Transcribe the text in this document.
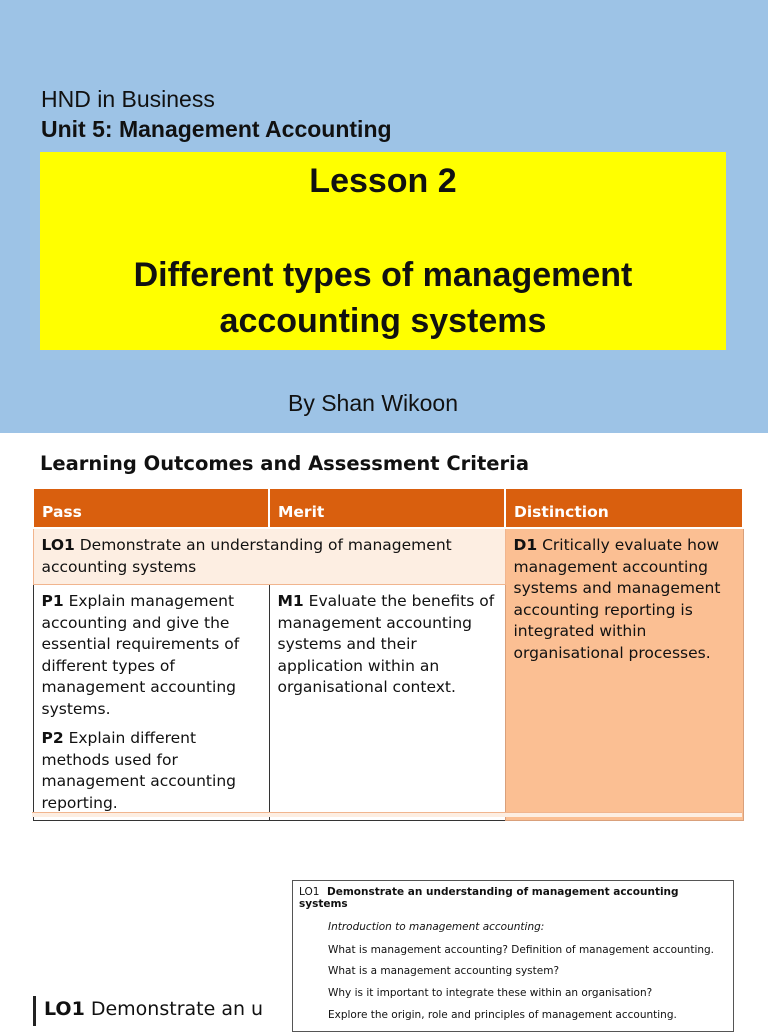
HND in Business
Unit 5: Management Accounting
Lesson 2
Different types of management accounting systems
By Shan Wikoon
Learning Outcomes and Assessment Criteria
Pass	Merit	Distinction
LO1 Demonstrate an understanding of management accounting systems		D1 Critically evaluate how management accounting systems and management accounting reporting is integrated within organisational processes.

P1 Explain management accounting and give the essential requirements of different types of management accounting systems.
P2 Explain different methods used for management accounting reporting.	M1 Evaluate the benefits of management accounting systems and their application within an organisational context.	
LO1 Demonstrate an understanding of management accounting systems
Introduction to management accounting:
What is management accounting? Definition of management accounting.
What is a management accounting system?
Why is it important to integrate these within an organisation?
Explore the origin, role and principles of management accounting.
LO1 Demonstrate an u
